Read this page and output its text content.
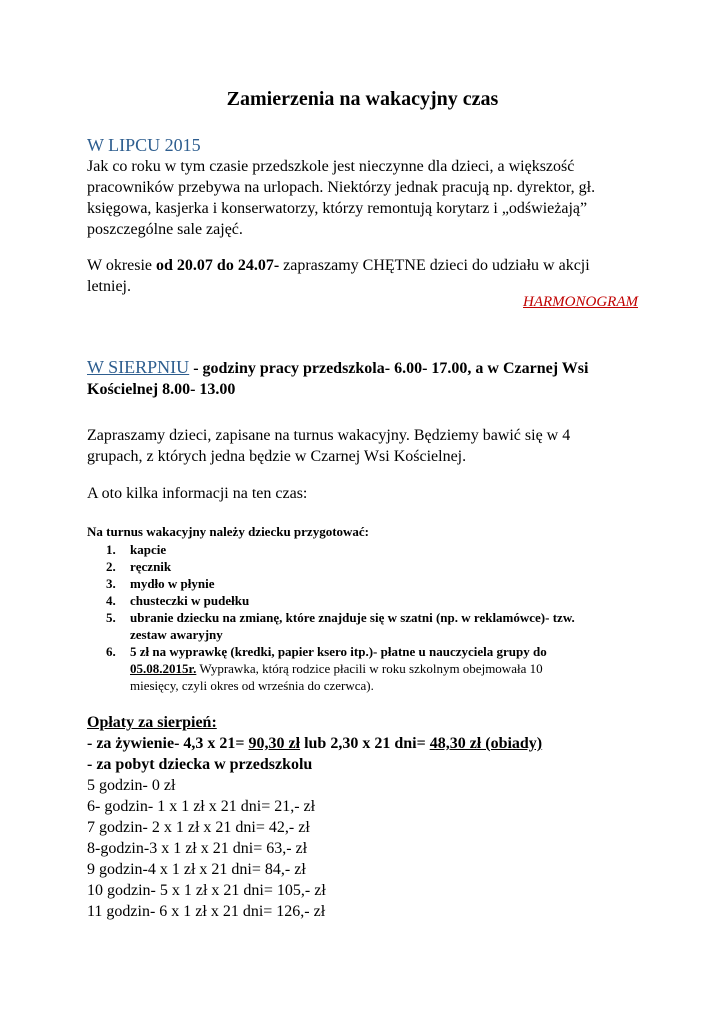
Zamierzenia na wakacyjny czas
W LIPCU 2015
Jak co roku w tym czasie przedszkole jest nieczynne dla dzieci, a większość
pracowników przebywa na urlopach. Niektórzy jednak pracują np. dyrektor, gł.
księgowa, kasjerka i konserwatorzy, którzy remontują korytarz i „odświeżają”
poszczególne sale zajęć.
W okresie od 20.07 do 24.07- zapraszamy CHĘTNE dzieci do udziału w akcji
letniej.
HARMONOGRAM
W SIERPNIU - godziny pracy przedszkola- 6.00- 17.00, a w Czarnej Wsi
Kościelnej 8.00- 13.00
Zapraszamy dzieci, zapisane na turnus wakacyjny. Będziemy bawić się w 4
grupach, z których jedna będzie w Czarnej Wsi Kościelnej.
A oto kilka informacji na ten czas:
Na turnus wakacyjny należy dziecku przygotować:
1. kapcie
2. ręcznik
3. mydło w płynie
4. chusteczki w pudełku
5. ubranie dziecku na zmianę, które znajduje się w szatni (np. w reklamówce)- tzw.
zestaw awaryjny
6. 5 zł na wyprawkę (kredki, papier ksero itp.)- płatne u nauczyciela grupy do
05.08.2015r. Wyprawka, którą rodzice płacili w roku szkolnym obejmowała 10
miesięcy, czyli okres od września do czerwca).
Opłaty za sierpień:
- za żywienie- 4,3 x 21= 90,30 zł lub 2,30 x 21 dni= 48,30 zł (obiady)
- za pobyt dziecka w przedszkolu
5 godzin- 0 zł
6- godzin- 1 x 1 zł x 21 dni= 21,- zł
7 godzin- 2 x 1 zł x 21 dni= 42,- zł
8-godzin-3 x 1 zł x 21 dni= 63,- zł
9 godzin-4 x 1 zł x 21 dni= 84,- zł
10 godzin- 5 x 1 zł x 21 dni= 105,- zł
11 godzin- 6 x 1 zł x 21 dni= 126,- zł
